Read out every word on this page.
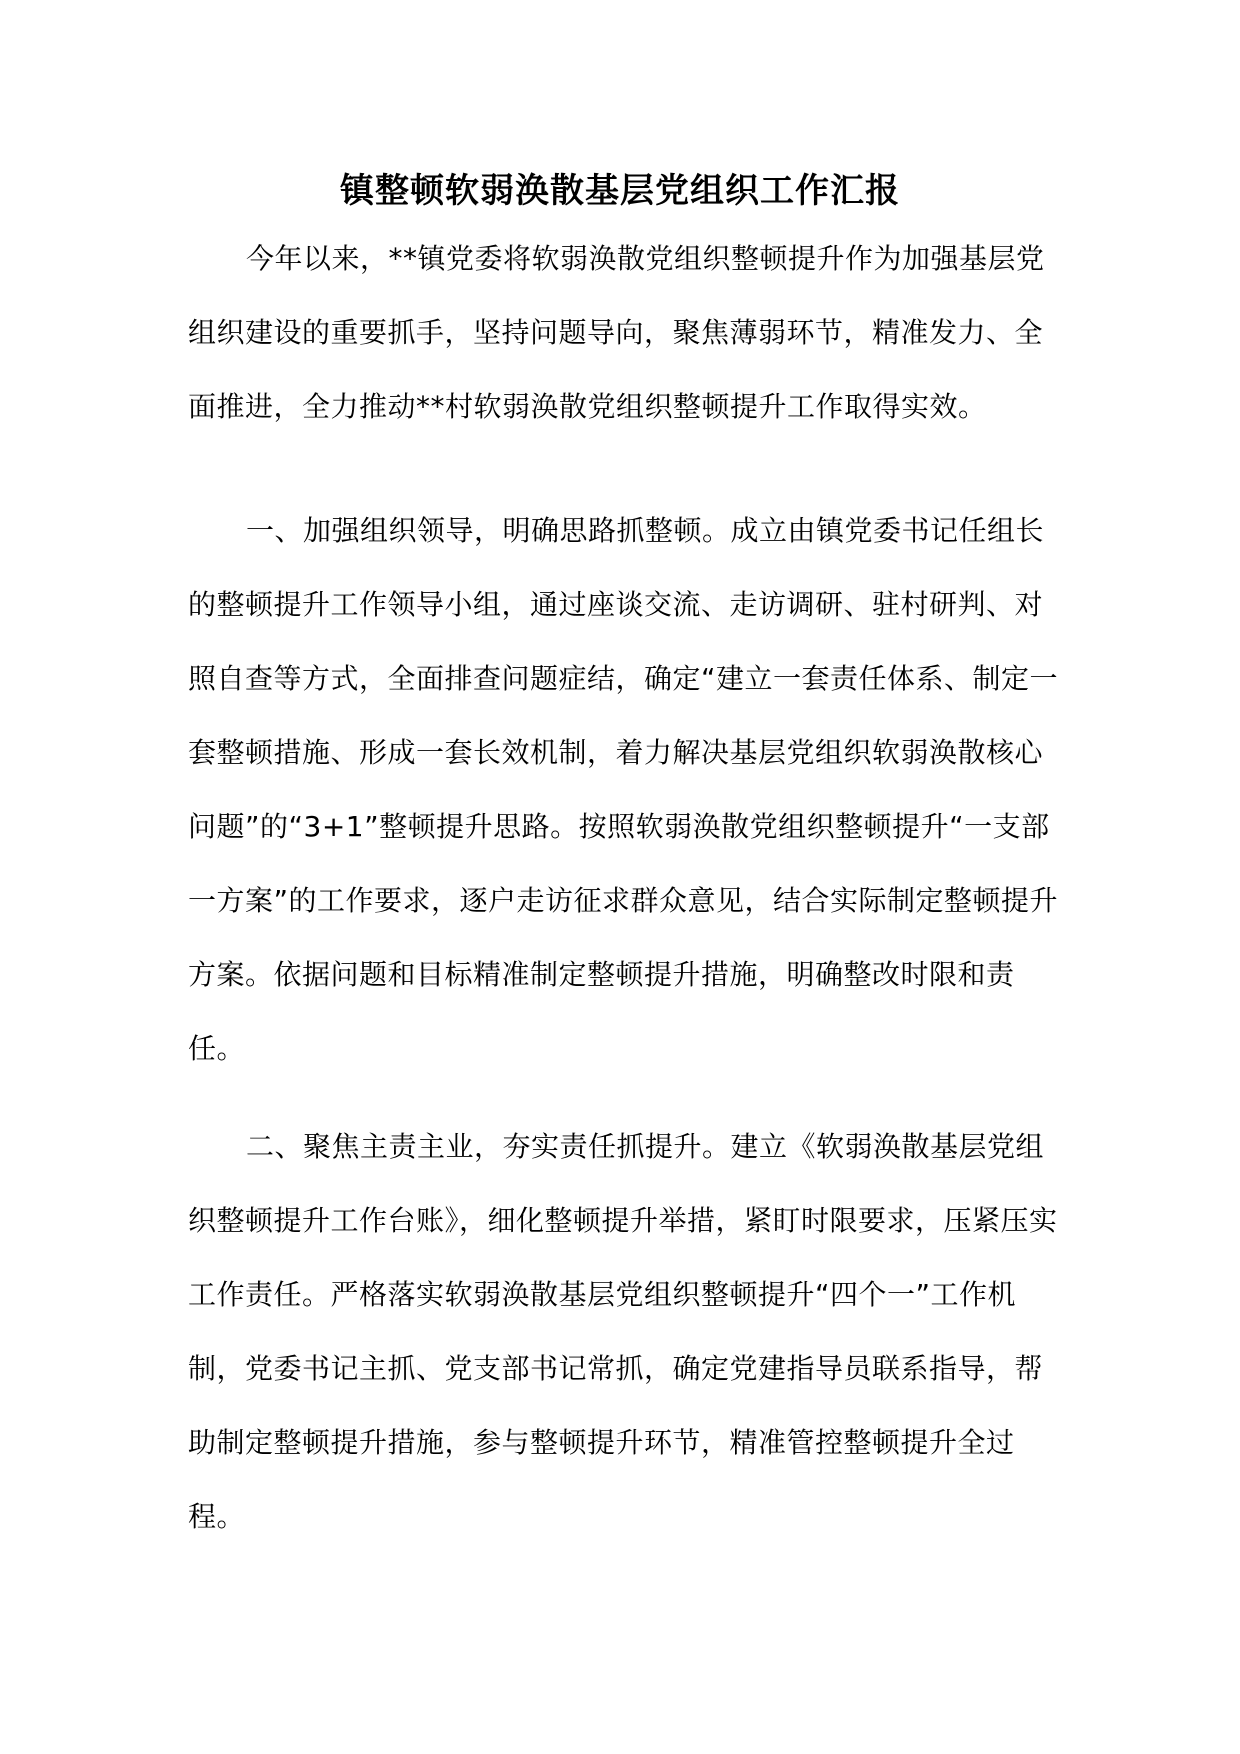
镇整顿软弱涣散基层党组织工作汇报

今年以来，**镇党委将软弱涣散党组织整顿提升作为加强基层党组织建设的重要抓手，坚持问题导向，聚焦薄弱环节，精准发力、全面推进，全力推动**村软弱涣散党组织整顿提升工作取得实效。

一、加强组织领导，明确思路抓整顿。成立由镇党委书记任组长的整顿提升工作领导小组，通过座谈交流、走访调研、驻村研判、对照自查等方式，全面排查问题症结，确定“建立一套责任体系、制定一套整顿措施、形成一套长效机制，着力解决基层党组织软弱涣散核心问题”的“3+1”整顿提升思路。按照软弱涣散党组织整顿提升“一支部一方案”的工作要求，逐户走访征求群众意见，结合实际制定整顿提升方案。依据问题和目标精准制定整顿提升措施，明确整改时限和责任。

二、聚焦主责主业，夯实责任抓提升。建立《软弱涣散基层党组织整顿提升工作台账》，细化整顿提升举措，紧盯时限要求，压紧压实工作责任。严格落实软弱涣散基层党组织整顿提升“四个一”工作机制，党委书记主抓、党支部书记常抓，确定党建指导员联系指导，帮助制定整顿提升措施，参与整顿提升环节，精准管控整顿提升全过程。
